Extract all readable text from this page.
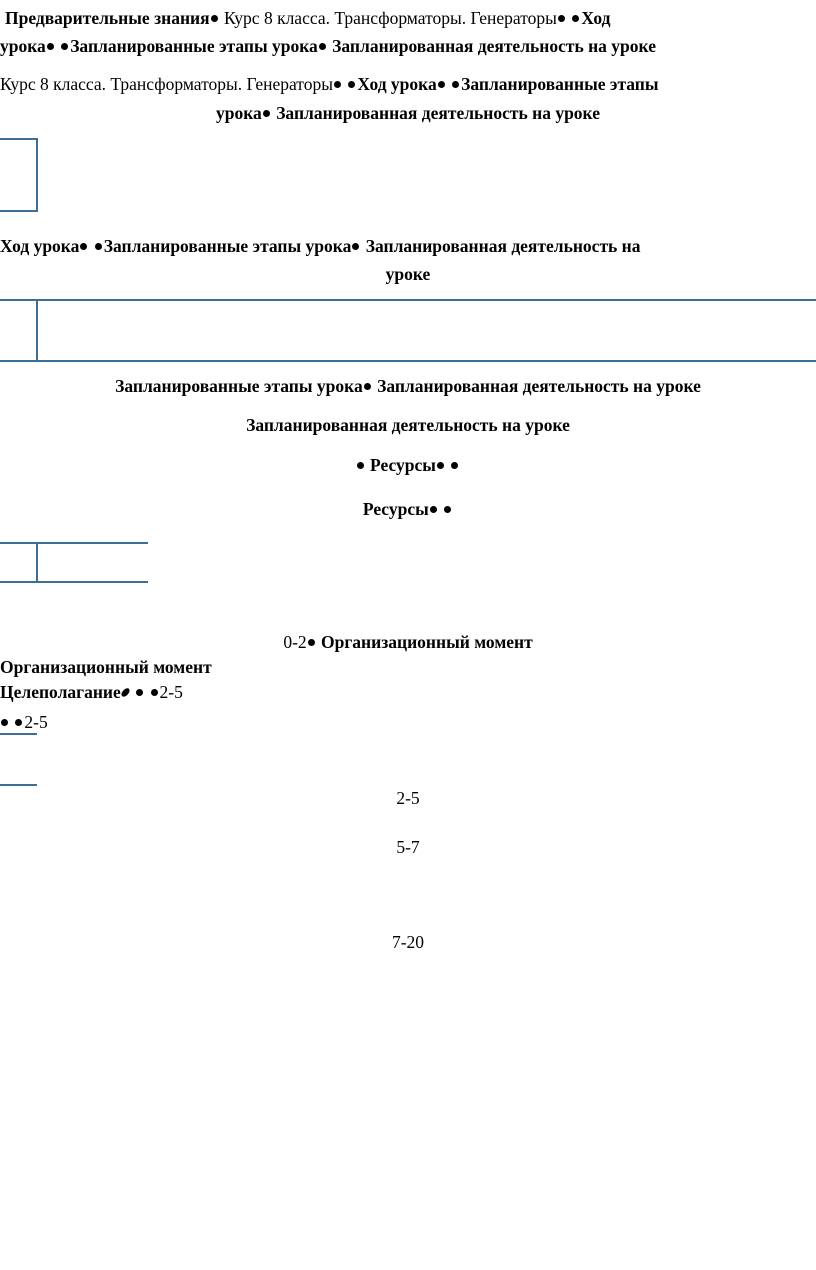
Предварительные знания Курс 8 класса. Трансформаторы. Генераторы Ход
урока Запланированные этапы урока Запланированная деятельность на уроке
Курс 8 класса. Трансформаторы. Генераторы Ход урока Запланированные этапы
урока Запланированная деятельность на уроке
Ход урока Запланированные этапы урока Запланированная деятельность на
уроке
Запланированные этапы урока Запланированная деятельность на уроке
Запланированная деятельность на уроке
Ресурсы
Ресурсы
0-2 Организационный момент
Организационный момент
Целеполагание 2-5
2-5
2-5
5-7
7-20
